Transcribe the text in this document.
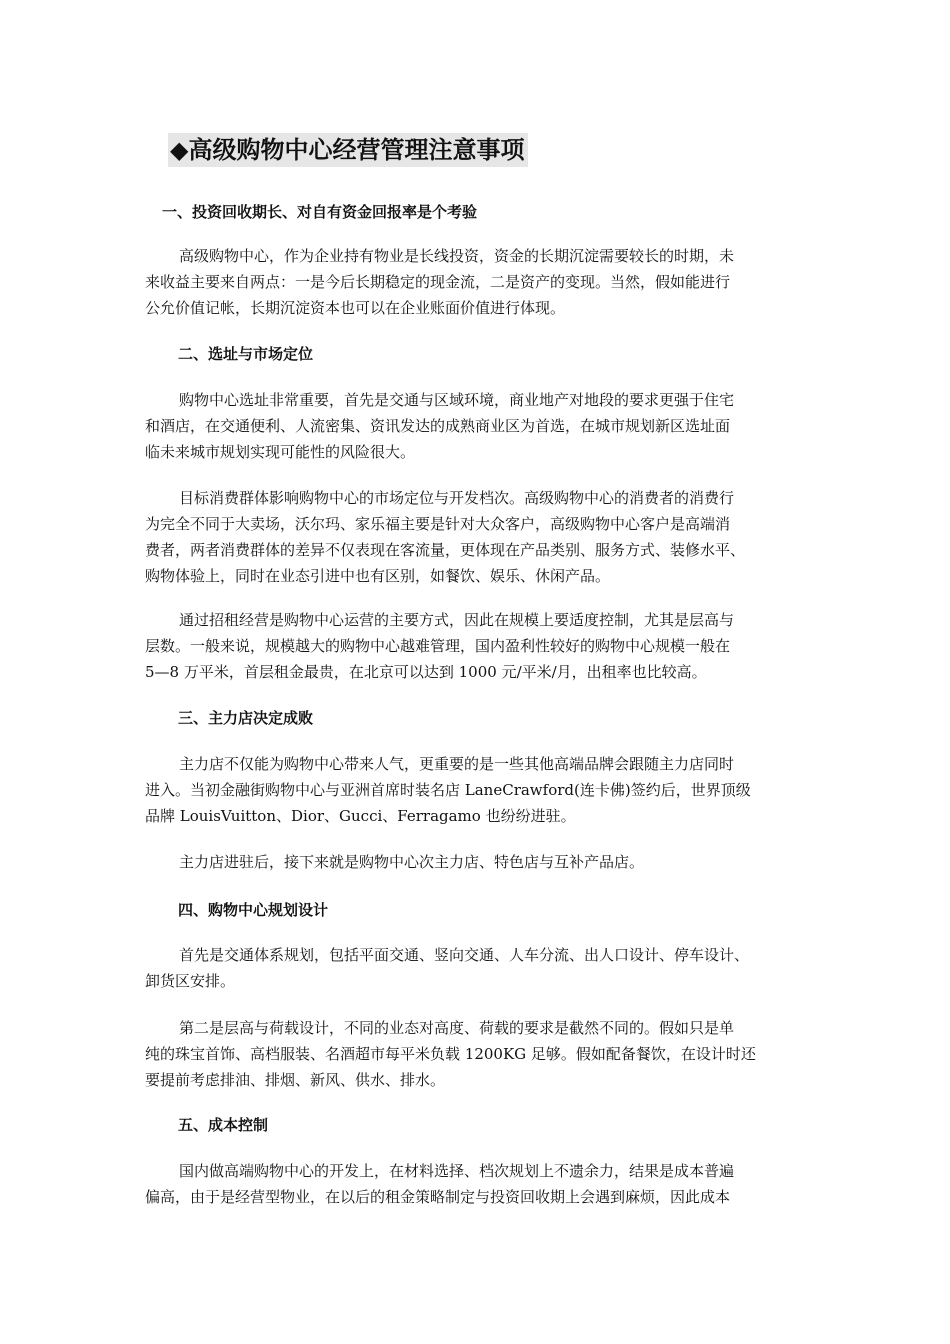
◆高级购物中心经营管理注意事项
一、投资回收期长、对自有资金回报率是个考验
高级购物中心，作为企业持有物业是长线投资，资金的长期沉淀需要较长的时期，未
来收益主要来自两点：一是今后长期稳定的现金流，二是资产的变现。当然，假如能进行
公允价值记帐，长期沉淀资本也可以在企业账面价值进行体现。
二、选址与市场定位
购物中心选址非常重要，首先是交通与区域环境，商业地产对地段的要求更强于住宅
和酒店，在交通便利、人流密集、资讯发达的成熟商业区为首选，在城市规划新区选址面
临未来城市规划实现可能性的风险很大。
目标消费群体影响购物中心的市场定位与开发档次。高级购物中心的消费者的消费行
为完全不同于大卖场，沃尔玛、家乐福主要是针对大众客户，高级购物中心客户是高端消
费者，两者消费群体的差异不仅表现在客流量，更体现在产品类别、服务方式、装修水平、
购物体验上，同时在业态引进中也有区别，如餐饮、娱乐、休闲产品。
通过招租经营是购物中心运营的主要方式，因此在规模上要适度控制，尤其是层高与
层数。一般来说，规模越大的购物中心越难管理，国内盈利性较好的购物中心规模一般在
5—8 万平米，首层租金最贵，在北京可以达到 1000 元/平米/月，出租率也比较高。
三、主力店决定成败
主力店不仅能为购物中心带来人气，更重要的是一些其他高端品牌会跟随主力店同时
进入。当初金融街购物中心与亚洲首席时装名店 LaneCrawford(连卡佛)签约后，世界顶级
品牌 LouisVuitton、Dior、Gucci、Ferragamo 也纷纷进驻。
主力店进驻后，接下来就是购物中心次主力店、特色店与互补产品店。
四、购物中心规划设计
首先是交通体系规划，包括平面交通、竖向交通、人车分流、出人口设计、停车设计、
卸货区安排。
第二是层高与荷载设计，不同的业态对高度、荷载的要求是截然不同的。假如只是单
纯的珠宝首饰、高档服装、名酒超市每平米负载 1200KG 足够。假如配备餐饮，在设计时还
要提前考虑排油、排烟、新风、供水、排水。
五、成本控制
国内做高端购物中心的开发上，在材料选择、档次规划上不遗余力，结果是成本普遍
偏高，由于是经营型物业，在以后的租金策略制定与投资回收期上会遇到麻烦，因此成本
